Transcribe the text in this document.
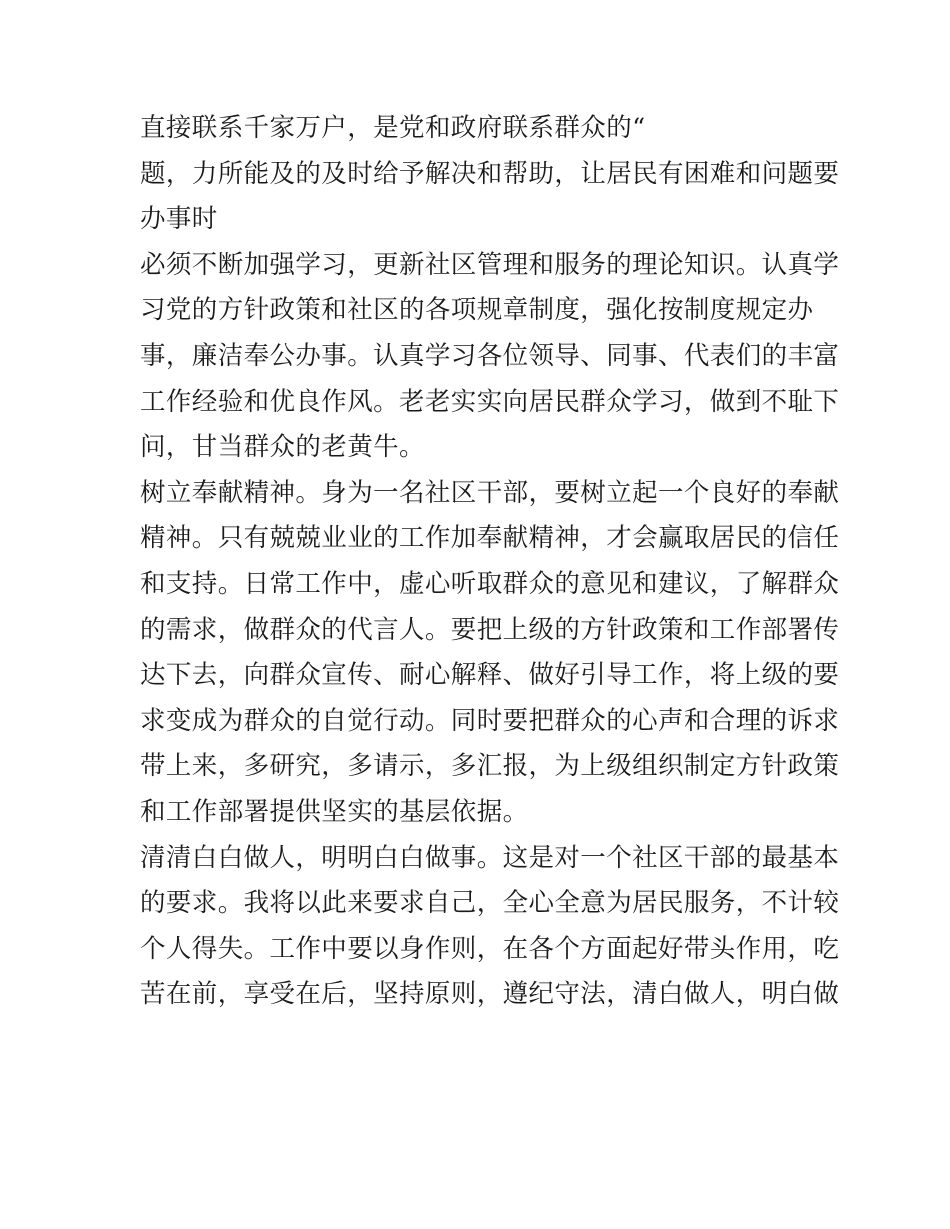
直接联系千家万户，是党和政府联系群众的“
题，力所能及的及时给予解决和帮助，让居民有困难和问题要
办事时
必须不断加强学习，更新社区管理和服务的理论知识。认真学
习党的方针政策和社区的各项规章制度，强化按制度规定办
事，廉洁奉公办事。认真学习各位领导、同事、代表们的丰富
工作经验和优良作风。老老实实向居民群众学习，做到不耻下
问，甘当群众的老黄牛。
树立奉献精神。身为一名社区干部，要树立起一个良好的奉献
精神。只有兢兢业业的工作加奉献精神，才会赢取居民的信任
和支持。日常工作中，虚心听取群众的意见和建议，了解群众
的需求，做群众的代言人。要把上级的方针政策和工作部署传
达下去，向群众宣传、耐心解释、做好引导工作，将上级的要
求变成为群众的自觉行动。同时要把群众的心声和合理的诉求
带上来，多研究，多请示，多汇报，为上级组织制定方针政策
和工作部署提供坚实的基层依据。
清清白白做人，明明白白做事。这是对一个社区干部的最基本
的要求。我将以此来要求自己，全心全意为居民服务，不计较
个人得失。工作中要以身作则，在各个方面起好带头作用，吃
苦在前，享受在后，坚持原则，遵纪守法，清白做人，明白做
